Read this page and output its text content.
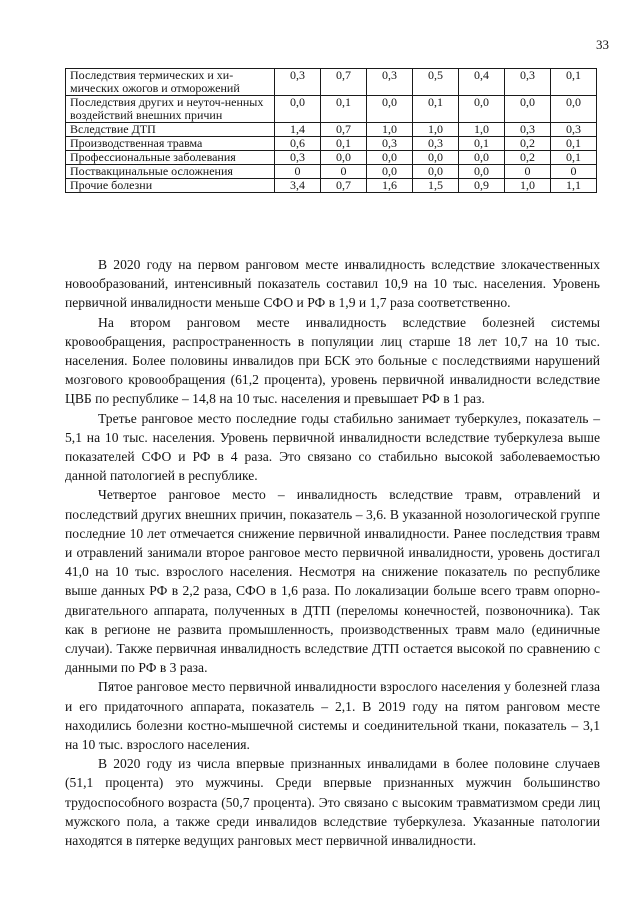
33
Последствия термических и хи-мических ожогов и отморожений	0,3	0,7	0,3	0,5	0,4	0,3	0,1
Последствия других и неуточ-ненных воздействий внешних причин	0,0	0,1	0,0	0,1	0,0	0,0	0,0
Вследствие ДТП	1,4	0,7	1,0	1,0	1,0	0,3	0,3
Производственная травма	0,6	0,1	0,3	0,3	0,1	0,2	0,1
Профессиональные заболевания	0,3	0,0	0,0	0,0	0,0	0,2	0,1
Поствакцинальные осложнения	0	0	0,0	0,0	0,0	0	0
Прочие болезни	3,4	0,7	1,6	1,5	0,9	1,0	1,1

В 2020 году на первом ранговом месте инвалидность вследствие злокачественных новообразований, интенсивный показатель составил 10,9 на 10 тыс. населения. Уровень первичной инвалидности меньше СФО и РФ в 1,9 и 1,7 раза соответственно.

На втором ранговом месте инвалидность вследствие болезней системы кровообращения, распространенность в популяции лиц старше 18 лет 10,7 на 10 тыс. населения. Более половины инвалидов при БСК это больные с последствиями нарушений мозгового кровообращения (61,2 процента), уровень первичной инвалидности вследствие ЦВБ по республике – 14,8 на 10 тыс. населения и превышает РФ в 1 раз.

Третье ранговое место последние годы стабильно занимает туберкулез, показатель – 5,1 на 10 тыс. населения. Уровень первичной инвалидности вследствие туберкулеза выше показателей СФО и РФ в 4 раза. Это связано со стабильно высокой заболеваемостью данной патологией в республике.

Четвертое ранговое место – инвалидность вследствие травм, отравлений и последствий других внешних причин, показатель – 3,6. В указанной нозологической группе последние 10 лет отмечается снижение первичной инвалидности. Ранее последствия травм и отравлений занимали второе ранговое место первичной инвалидности, уровень достигал 41,0 на 10 тыс. взрослого населения. Несмотря на снижение показатель по республике выше данных РФ в 2,2 раза, СФО в 1,6 раза. По локализации больше всего травм опорно-двигательного аппарата, полученных в ДТП (переломы конечностей, позвоночника). Так как в регионе не развита промышленность, производственных травм мало (единичные случаи). Также первичная инвалидность вследствие ДТП остается высокой по сравнению с данными по РФ в 3 раза.

Пятое ранговое место первичной инвалидности взрослого населения у болезней глаза и его придаточного аппарата, показатель – 2,1. В 2019 году на пятом ранговом месте находились болезни костно-мышечной системы и соединительной ткани, показатель – 3,1 на 10 тыс. взрослого населения.

В 2020 году из числа впервые признанных инвалидами в более половине случаев (51,1 процента) это мужчины. Среди впервые признанных мужчин большинство трудоспособного возраста (50,7 процента). Это связано с высоким травматизмом среди лиц мужского пола, а также среди инвалидов вследствие туберкулеза. Указанные патологии находятся в пятерке ведущих ранговых мест первичной инвалидности.
